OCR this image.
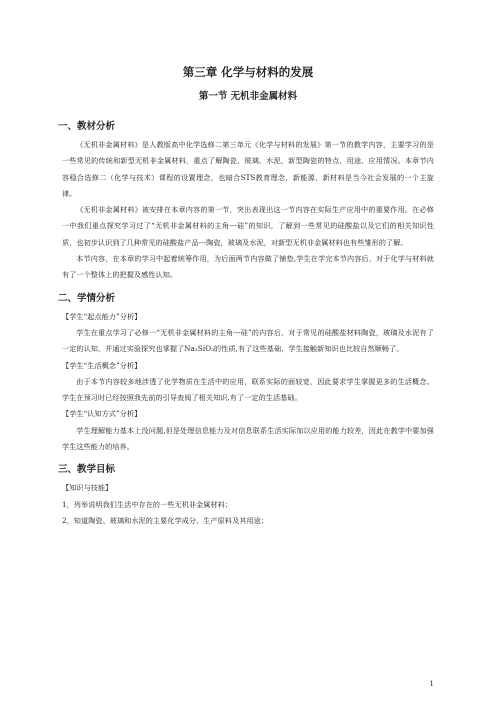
第三章 化学与材料的发展
第一节 无机非金属材料
一、教材分析

《无机非金属材料》是人教版高中化学选修二第三单元《化学与材料的发展》第一节的教学内容，主要学习的是一些常见的传统和新型无机非金属材料，重点了解陶瓷、玻璃、水泥，新型陶瓷的特点、用途、应用情况。本章节内容稳合选修二（化学与技术）课程的设置理念，也暗合STS教育理念，新能源，新材料是当今社会发展的一个主旋律。

《无机非金属材料》被安排在本章内容的第一节，突出表现出这一节内容在实际生产应用中的重要作用。在必修一中我们重点探究学习过了“无机非金属材料的主角---硅”的知识，了解到一些常见的硅酸盐以及它们的相关知识性质，也初步认识到了几种常见的硅酸盐产品---陶瓷，玻璃及水泥，对新型无机非金属材料也有些雏形的了解。

本节内容，在本章的学习中起着统筹作用，为后面两节内容做了铺垫,学生在学完本节内容后，对于化学与材料就有了一个整体上的把握及感性认知。

二、学情分析

【学生“起点能力”分析】

学生在重点学习了必修一“无机非金属材料的主角---硅”的内容后，对于常见的硅酸盐材料陶瓷，玻璃及水泥有了一定的认知，并通过实验探究也掌握了Na₂SiO₃的性质,有了这些基础，学生接触新知识也比较自然顺畅了。

【学生“生活概念”分析】

由于本节内容较多地涉透了化学物质在生活中的应用，联系实际的面较宽，因此要求学生掌握更多的生活概念。学生在预习时已经按照我先前的引导查阅了相关知识,有了一定的生活基础。

【学生“认知方式”分析】

学生理解能力基本上没问题,但是处理信息能力及对信息联系生活实际加以应用的能力较差，因此在教学中要加强学生这些能力的培养。

三、教学目标

【知识与技能】

1，列举说明我们生活中存在的一些无机非金属材料；

2，知道陶瓷、玻璃和水泥的主要化学成分、生产原料及其用途；

1
